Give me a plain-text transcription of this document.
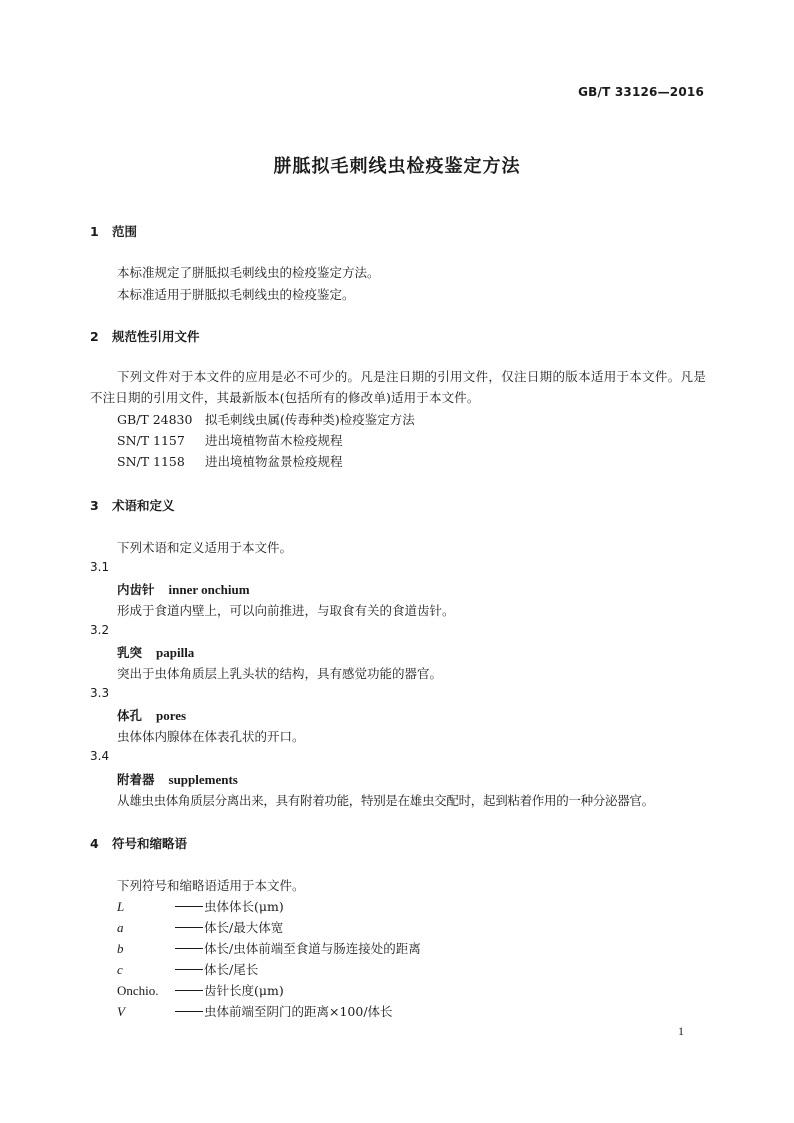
GB/T 33126—2016
胼胝拟毛刺线虫检疫鉴定方法
1 范围
本标准规定了胼胝拟毛刺线虫的检疫鉴定方法。
本标准适用于胼胝拟毛刺线虫的检疫鉴定。
2 规范性引用文件
下列文件对于本文件的应用是必不可少的。凡是注日期的引用文件，仅注日期的版本适用于本文件。凡是不注日期的引用文件，其最新版本(包括所有的修改单)适用于本文件。
GB/T 24830 拟毛刺线虫属(传毒种类)检疫鉴定方法
SN/T 1157 进出境植物苗木检疫规程
SN/T 1158 进出境植物盆景检疫规程
3 术语和定义
下列术语和定义适用于本文件。
3.1
内齿针 inner onchium
形成于食道内壁上，可以向前推进，与取食有关的食道齿针。
3.2
乳突 papilla
突出于虫体角质层上乳头状的结构，具有感觉功能的器官。
3.3
体孔 pores
虫体体内腺体在体表孔状的开口。
3.4
附着器 supplements
从雄虫虫体角质层分离出来，具有附着功能，特别是在雄虫交配时，起到粘着作用的一种分泌器官。
4 符号和缩略语
下列符号和缩略语适用于本文件。
L	虫体体长(μm)
a	体长/最大体宽
b	体长/虫体前端至食道与肠连接处的距离
c	体长/尾长
Onchio.	齿针长度(μm)
V	虫体前端至阴门的距离×100/体长
1
